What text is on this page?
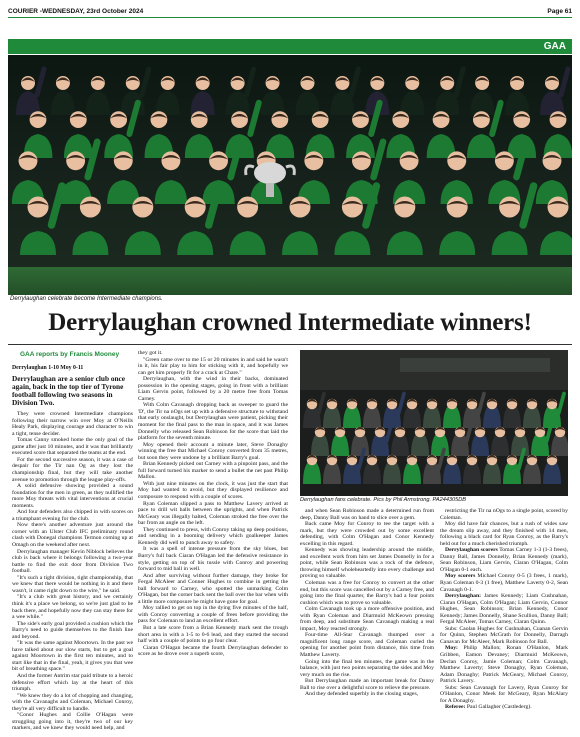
COURIER -WEDNESDAY, 23rd October 2024	Page 61
GAA
Derrylaughan celebrate become Intermediate champions.
Derrylaughan crowned Intermediate winners!
GAA reports by Francis Mooney
Derrylaughan 1-10 Moy 0-11
Derrylaughan are a senior club once again, back in the top tier of Tyrone football following two seasons in Division Two.

They were crowned Intermediate champions following their narrow win over Moy at O'Neills Healy Park, displaying courage and character to win a tight, tense decider.

Tomas Canny smoked home the only goal of the game after just 10 minutes, and it was that brilliantly executed score that separated the teams at the end.

For the second successive season, it was a case of despair for the Tir nan Og as they lost the championship final, but they will take another avenue to promotion through the league play-offs.

A solid defensive showing provided a sound foundation for the men in green, as they nullified the more Moy threats with vital interventions at crucial moments.

And four defenders also chipped in with scores on a triumphant evening for the club.

Now there's another adventure just around the corner with an Ulster Club IFC preliminary round clash with Donegal champions Termon coming up at Omagh on the weekend after next.

Derrylaughan manager Kevin Niblock believes the club is back where it belongs following a two-year battle to find the exit door from Division Two football.

"It's such a tight division, tight championship, that we knew that there would be nothing in it and there wasn't, it came right down to the wire," he said.

"It's a club with great history, and we certainly think it's a place we belong, so we're just glad to be back there, and hopefully now they can stay there for a wee while."

The side's early goal provided a cushion which the Barry's need to guide themselves to the finish line and beyond.

"It was the same against Moortown. In the past we have talked about our slow starts, but to get a goal against Moortown in the first ten minutes, and to start like that in the final, yeah, it gives you that wee bit of breathing space."

And the former Antrim star paid tribute to a heroic defensive effort which lay at the heart of this triumph.

"We knew they do a lot of chopping and changing, with the Cavanaghs and Coleman, Michael Conroy, they're all very difficult to handle.

"Conor Hughes and Collie O'Hagan were struggling going into it, they're two of our key markers, and we knew they would need help, and

they got it.

"Green came over to me 15 or 20 minutes in and said he wasn't in it, his fair play to him for sticking with it, and hopefully we can get him properly fit for a crack at Chare."

Derrylaughan, with the wind in their backs, dominated possession in the opening stages, going in front with a brilliant Liam Gervin point, followed by a 20 metre free from Tomas Carney.

With Colm Cavanagh dropping back as sweeper to guard the 'D', the Tir na nOgs set up with a defensive structure to withstand that early onslaught, but Derrylaughan were patient, picking their moment for the final pass to the man in space, and it was James Donnelly who released Sean Robinson for the score that laid the platform for the seventh minute.

Moy opened their account a minute later, Steve Donaghy winning the free that Michael Conroy converted from 35 metres, but soon they were undone by a brilliant Barry's goal.

Brian Kennedy picked out Carney with a pinpoint pass, and the full forward turned his marker to send a bullet the net past Philip Mallon.

With just nine minutes on the clock, it was just the start that Moy had wanted to avoid, but they displayed resilience and composure to respond with a couple of scores.

Ryan Coleman slipped a pass to Matthew Lavery arrived at pace to drill wit balls between the uprights, and when Patrick McGeary was illegally halted, Coleman stroked the free over the bar from an angle on the left.

They continued to press, with Conroy taking up deep positions, and sending in a booming delivery which goalkeeper James Kennedy did well to punch away to safety.

It was a spell of intense pressure from the sky blues, but Barry's full back Ciaran O'Hagan led the defensive resistance in style, getting on top of his tussle with Conroy and powering forward to mid ball in well.

And after surviving without further damage, they broke for Fergal McAleer and Conner Hughes to combine in getting the ball forward to Carney, who spotted the unmarking Colm O'Hagan, but the corner back sent the ball over the bar when with a little more composure he might have gone for goal.

Moy rallied to get on top in the dying five minutes of the half, with Conroy converting a couple of frees before providing the pass for Coleman to land an excellent effort.

But a late score from a Brian Kennedy mark sent the trough short area in with a 1-5 to 0-6 lead, and they started the second half with a couple of points to go four clear.

Ciaran O'Hagan became the fourth Derrylaughan defender to score as he drove over a superb score,

Derrylaughan fans celebrate. Pics by Phil Armstrong. PA244305DB

and when Sean Robinson made a determined run from deep, Danny Ball was on hand to slice over a gem.

Back came Moy for Conroy to tee the target with a mark, but they were crowded out by some excellent defending, with Colm O'Hagan and Conor Kennedy excelling in this regard.

Kennedy was showing leadership around the middle, and excellent work from him set James Donnelly in for a point, while Sean Robinson was a rock of the defence, throwing himself wholeheartedly into every challenge and proving so valuable.

Coleman was a free for Conroy to convert at the other end, but this score was cancelled out by a Carney free, and going into the final quarter, the Barry's had a four points cushion which was to prove so valuable.

Colm Cavanagh took up a more offensive position, and with Ryan Coleman and Diarmuid McKeown pressing from deep, and substitute Sean Cavanagh making a real impact, Moy reacted strongly.

Four-time All-Star Cavanagh thumped over a magnificent long range score, and Coleman curled the opening for another point from distance, this time from Matthew Laverty.

Going into the final ten minutes, the game was in the balance, with just two points separating the sides and Moy very much on the rise.

But Derrylaughan made an important break for Danny Ball to rise over a delightful score to relieve the pressure.

And they defended superbly in the closing stages,

restricting the Tir na nOgs to a single point, scored by Coleman.

Moy did have fair chances, but a rush of wides saw the dream slip away, and they finished with 14 men, following a black card for Ryan Conroy, as the Barry's held out for a much cherished triumph.

Derrylaughan scorers Tomas Carney 1-3 (1-3 frees), Danny Ball, James Donnelly, Brian Kennedy (mark), Sean Robinson, Liam Gervin, Ciaran O'Hagan, Colm O'Hagan 0-1 each.

Moy scorers Michael Conroy 0-5 (3 frees, 1 mark), Ryan Coleman 0-3 (1 free), Matthew Laverty 0-2, Sean Cavanagh 0-1.

Derrylaughan: James Kennedy; Liam Cushnahan, Ciaran O'Hagan, Colm O'Hagan; Liam Gervin, Connor Hughes, Sean Robinson; Brian Kennedy, Conor Kennedy; James Donnelly, Shane Scullion, Danny Ball; Fergal McAleer, Tomas Carney, Ciaran Quinn.

Subs: Caolan Hughes for Cushnahan, Cuanan Gervin for Quinn, Stephen McGrath for Donnelly, Darragh Canavan for McAleer, Mark Robinson for Ball.

Moy: Philip Mallon; Ronan O'Hanlon, Mark Gribben, Eamon Devaney; Diarmuid McKeown, Declan Conroy, Jamie Coleman; Colm Cavanagh, Matthew Laverty; Steve Donaghy, Ryan Coleman, Adam Donaghy; Patrick McGeary, Michael Conroy, Patrick Lavery.

Subs: Sean Cavanagh for Lavery, Ryan Conroy for O'Hanlon, Conor Meek for McGeary, Ryan McAlary for A Donaghy.

Referee: Paul Gallagher (Castlederg).
